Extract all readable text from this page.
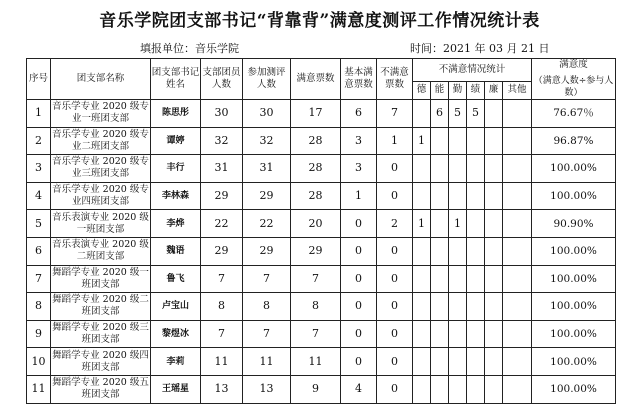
音乐学院团支部书记“背靠背”满意度测评工作情况统计表
填报单位：音乐学院	时间：2021 年 03 月 21 日
序号	团支部名称	团支部书记姓名	支部团员人数	参加测评人数	满意票数	基本满意票数	不满意票数	不满意情况统计						满意度
（满意人数÷参与人数）

								德	能	勤	绩	廉	其他	
1	音乐学专业 2020 级专业一班团支部	陈思彤	30	30	17	6	7		6	5	5			76.67％
2	音乐学专业 2020 级专业二班团支部	谭婷	32	32	28	3	1	1						96.87%
3	音乐学专业 2020 级专业三班团支部	丰行	31	31	28	3	0							100.00%
4	音乐学专业 2020 级专业四班团支部	李林森	29	29	28	1	0							100.00%
5	音乐表演专业 2020 级一班团支部	李烨	22	22	20	0	2	1		1				90.90%
6	音乐表演专业 2020 级二班团支部	魏语	29	29	29	0	0							100.00%
7	舞蹈学专业 2020 级一班团支部	鲁飞	7	7	7	0	0							100.00%
8	舞蹈学专业 2020 级二班团支部	卢宝山	8	8	8	0	0							100.00%
9	舞蹈学专业 2020 级三班团支部	黎煜冰	7	7	7	0	0							100.00%
10	舞蹈学专业 2020 级四班团支部	李莉	11	11	11	0	0							100.00%
11	舞蹈学专业 2020 级五班团支部	王瑶星	13	13	9	4	0							100.00%
